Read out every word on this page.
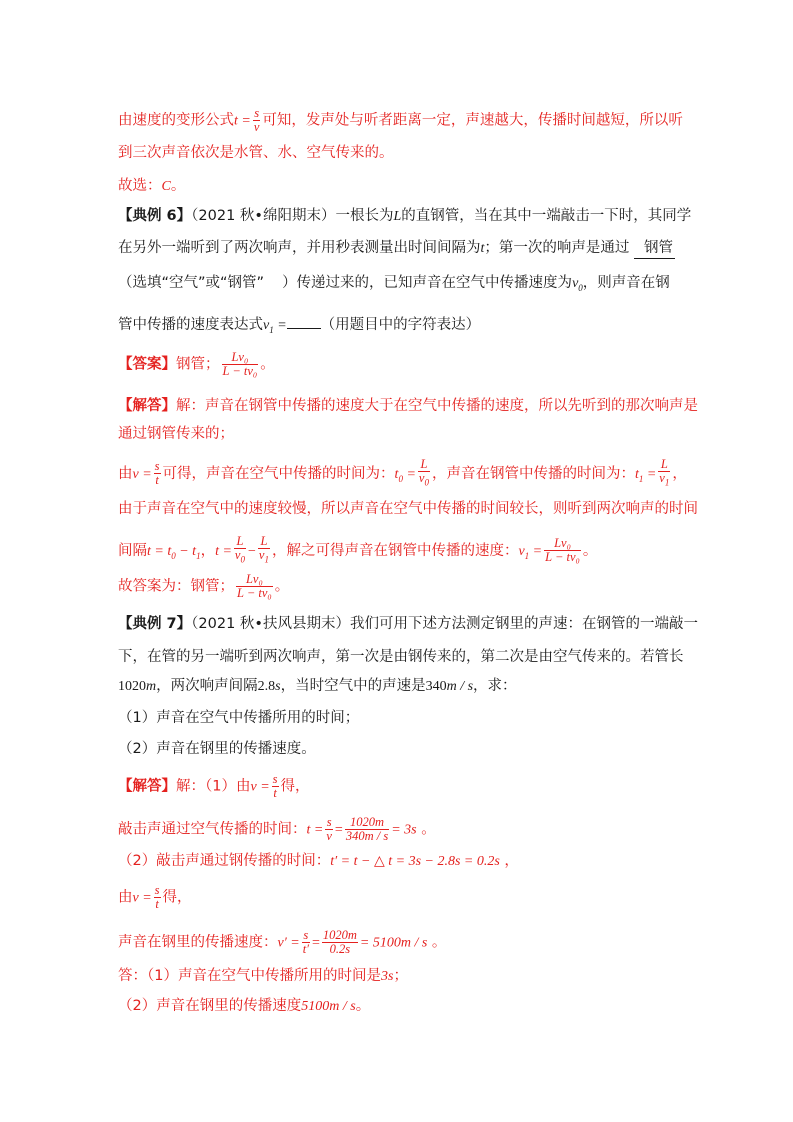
由速度的变形公式$t = \frac{s}{v}$ 可知，发声处与听者距离一定，声速越大，传播时间越短，所以听
到三次声音依次是水管、水、空气传来的。
故选：C。
【典例 6】（2021 秋•绵阳期末）一根长为L的直钢管，当在其中一端敲击一下时，其同学
在另外一端听到了两次响声，并用秒表测量出时间间隔为t；第一次的响声是通过 钢管
（选填“空气”或“钢管” ）传递过来的，已知声音在空气中传播速度为$v_0$，则声音在钢
管中传播的速度表达式$v_1$ = （用题目中的字符表达）
【答案】钢管； $\frac{\text{Lv₀}}{\text{L − tv₀}}$ 。
【解答】解：声音在钢管中传播的速度大于在空气中传播的速度，所以先听到的那次响声是
通过钢管传来的；
由$v = \frac{s}{t}$ 可得，声音在空气中传播的时间为：$t_0 = \frac{L}{v_0}$ ，声音在钢管中传播的时间为：$t_1 = \frac{L}{v_1}$ ，
由于声音在空气中的速度较慢，所以声音在空气中传播的时间较长，则听到两次响声的时间
间隔$t = t_0 - t_1$，$t = \frac{L}{v_0} - \frac{L}{v_1}$ ，解之可得声音在钢管中传播的速度：$v_1 = \frac{\text{Lv₀}}{\text{L − tv₀}}$ 。
故答案为：钢管； $\frac{\text{Lv₀}}{\text{L − tv₀}}$ 。
【典例 7】（2021 秋•扶风县期末）我们可用下述方法测定钢里的声速：在钢管的一端敲一
下，在管的另一端听到两次响声，第一次是由钢传来的，第二次是由空气传来的。若管长
1020m，两次响声间隔2.8s，当时空气中的声速是340m / s，求：
（1）声音在空气中传播所用的时间；
（2）声音在钢里的传播速度。
【解答】解：（1）由$v = \frac{s}{t}$ 得，
敲击声通过空气传播的时间：$t = \frac{s}{v} = \frac{1020m}{340m / s} = 3s$ 。
（2）敲击声通过钢传播的时间：t′ = t − △ t = 3s − 2.8s = 0.2s ，
由$v = \frac{s}{t}$ 得，
声音在钢里的传播速度：$v' = \frac{s}{t'} = \frac{1020m}{0.2s} = 5100m / s$ 。
答：（1）声音在空气中传播所用的时间是3s；
（2）声音在钢里的传播速度5100m / s。
